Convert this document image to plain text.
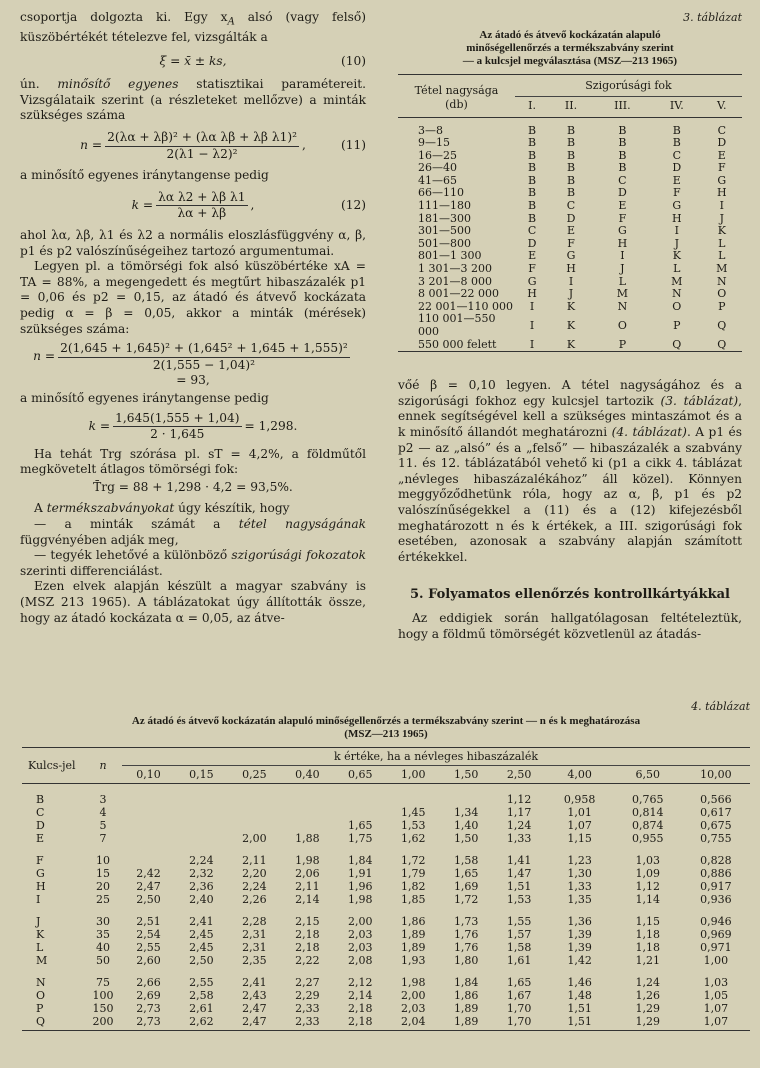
csoportja dolgozta ki. Egy $x_A$ alsó (vagy felső) küszöbértékét tételezve fel, vizsgálták a

ξ = x̄ ± ks,	(10)

ún. minősítő egyenes statisztikai paramétereit. Vizsgálataik szerint (a részleteket mellőzve) a minták szükséges száma

$n = \frac{\text{2(λα + λβ)² + (λα λβ + λβ λ1)²}}{\text{2(λ1 − λ2)²}}$ ,	(11)

a minősítő egyenes iránytangense pedig

$k = \frac{\text{λα λ2 + λβ λ1}}{\lambda\alpha + \lambda\beta}$ ,	(12)

ahol λα, λβ, λ1 és λ2 a normális eloszlásfüggvény α, β, p1 és p2 valószínűségeihez tartozó argumentumai.

Legyen pl. a tömörségi fok alsó küszöbértéke xA = TA = 88%, a megengedett és megtűrt hibaszázalék p1 = 0,06 és p2 = 0,15, az átadó és átvevő kockázata pedig α = β = 0,05, akkor a minták (mérések) szükséges száma:

$n = \frac{\text{2(1,645 + 1,645)² + (1,645² + 1,645 + 1,555)²}}{\text{2(1,555 − 1,04)²}}$
= 93,

a minősítő egyenes iránytangense pedig

$k = \frac{1,645(1,555 + 1,04)}{2 \cdot 1,645} = 1,298$.

Ha tehát Trg szórása pl. sT = 4,2%, a földműtől megkövetelt átlagos tömörségi fok:

T̄rg = 88 + 1,298 · 4,2 = 93,5%.

A termékszabványokat úgy készítik, hogy

— a minták számát a tétel nagyságának függvényében adják meg,

— tegyék lehetővé a különböző szigorúsági fokozatok szerinti differenciálást.

Ezen elvek alapján készült a magyar szabvány is (MSZ 213 1965). A táblázatokat úgy állították össze, hogy az átadó kockázata α = 0,05, az átve-

3. táblázat
Az átadó és átvevő kockázatán alapuló
minőségellenőrzés a termékszabvány szerint
— a kulcsjel megválasztása (MSZ—213 1965)
Tétel nagysága
(db)	Szigorúsági fok				
	I.	II.	III.	IV.	V.
3—8	B	B	B	B	C
9—15	B	B	B	B	D
16—25	B	B	B	C	E
26—40	B	B	B	D	F
41—65	B	B	C	E	G
66—110	B	B	D	F	H
111—180	B	C	E	G	I
181—300	B	D	F	H	J
301—500	C	E	G	I	K
501—800	D	F	H	J	L
801—1 300	E	G	I	K	L
1 301—3 200	F	H	J	L	M
3 201—8 000	G	I	L	M	N
8 001—22 000	H	J	M	N	O
22 001—110 000	I	K	N	O	P
110 001—550 000	I	K	O	P	Q
550 000 felett	I	K	P	Q	Q

vőé β = 0,10 legyen. A tétel nagyságához és a szigorúsági fokhoz egy kulcsjel tartozik (3. táblázat), ennek segítségével kell a szükséges mintaszámot és a k minősítő állandót meghatározni (4. táblázat). A p1 és p2 — az „alsó” és a „felső” — hibaszázalék a szabvány 11. és 12. táblázatából vehető ki (p1 a cikk 4. táblázat „névleges hibaszázalékához” áll közel). Könnyen meggyőződhetünk róla, hogy az α, β, p1 és p2 valószínűségekkel a (11) és a (12) kifejezésből meghatározott n és k értékek, a III. szigorúsági fok esetében, azonosak a szabvány alapján számított értékekkel.

5. Folyamatos ellenőrzés kontrollkártyákkal

Az eddigiek során hallgatólagosan feltételeztük, hogy a földmű tömörségét közvetlenül az átadás-

4. táblázat
Az átadó és átvevő kockázatán alapuló minőségellenőrzés a termékszabvány szerint — n és k meghatározása
(MSZ—213 1965)
Kulcs-jel	n	k értéke, ha a névleges hibaszázalék										
		0,10	0,15	0,25	0,40	0,65	1,00	1,50	2,50	4,00	6,50	10,00

B	3								1,12	0,958	0,765	0,566
C	4						1,45	1,34	1,17	1,01	0,814	0,617
D	5					1,65	1,53	1,40	1,24	1,07	0,874	0,675
E	7			2,00	1,88	1,75	1,62	1,50	1,33	1,15	0,955	0,755

F	10		2,24	2,11	1,98	1,84	1,72	1,58	1,41	1,23	1,03	0,828
G	15	2,42	2,32	2,20	2,06	1,91	1,79	1,65	1,47	1,30	1,09	0,886
H	20	2,47	2,36	2,24	2,11	1,96	1,82	1,69	1,51	1,33	1,12	0,917
I	25	2,50	2,40	2,26	2,14	1,98	1,85	1,72	1,53	1,35	1,14	0,936

J	30	2,51	2,41	2,28	2,15	2,00	1,86	1,73	1,55	1,36	1,15	0,946
K	35	2,54	2,45	2,31	2,18	2,03	1,89	1,76	1,57	1,39	1,18	0,969
L	40	2,55	2,45	2,31	2,18	2,03	1,89	1,76	1,58	1,39	1,18	0,971
M	50	2,60	2,50	2,35	2,22	2,08	1,93	1,80	1,61	1,42	1,21	1,00

N	75	2,66	2,55	2,41	2,27	2,12	1,98	1,84	1,65	1,46	1,24	1,03
O	100	2,69	2,58	2,43	2,29	2,14	2,00	1,86	1,67	1,48	1,26	1,05
P	150	2,73	2,61	2,47	2,33	2,18	2,03	1,89	1,70	1,51	1,29	1,07
Q	200	2,73	2,62	2,47	2,33	2,18	2,04	1,89	1,70	1,51	1,29	1,07
